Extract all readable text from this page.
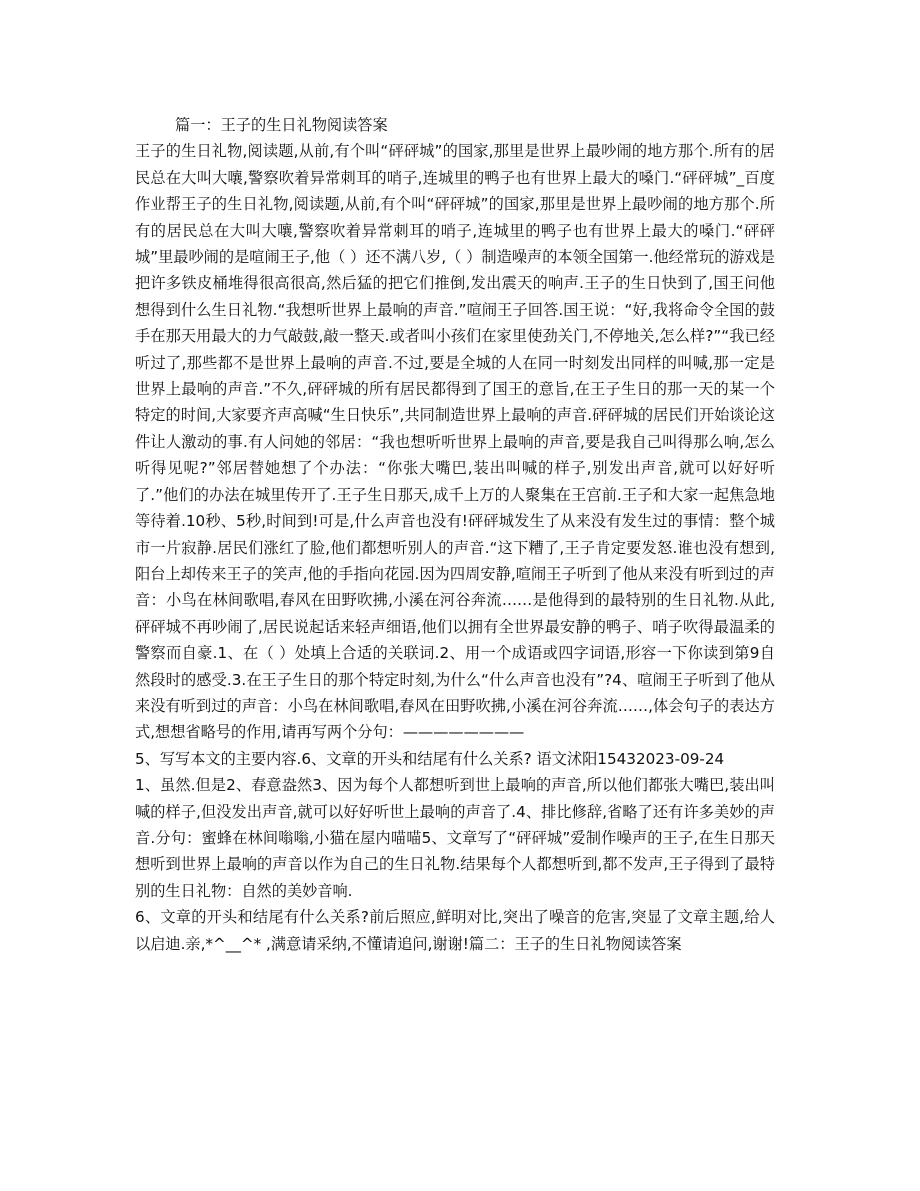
篇一：王子的生日礼物阅读答案

王子的生日礼物,阅读题,从前,有个叫“砰砰城”的国家,那里是世界上最吵闹的地方那个.所有的居民总在大叫大嚷,警察吹着异常刺耳的哨子,连城里的鸭子也有世界上最大的嗓门.“砰砰城”_百度作业帮王子的生日礼物,阅读题,从前,有个叫“砰砰城”的国家,那里是世界上最吵闹的地方那个.所有的居民总在大叫大嚷,警察吹着异常刺耳的哨子,连城里的鸭子也有世界上最大的嗓门.“砰砰城”里最吵闹的是喧闹王子,他（ ）还不满八岁,（ ）制造噪声的本领全国第一.他经常玩的游戏是把许多铁皮桶堆得很高很高,然后猛的把它们推倒,发出震天的响声.王子的生日快到了,国王问他想得到什么生日礼物.“我想听世界上最响的声音.”喧闹王子回答.国王说：“好,我将命令全国的鼓手在那天用最大的力气敲鼓,敲一整天.或者叫小孩们在家里使劲关门,不停地关,怎么样?”“我已经听过了,那些都不是世界上最响的声音.不过,要是全城的人在同一时刻发出同样的叫喊,那一定是世界上最响的声音.”不久,砰砰城的所有居民都得到了国王的意旨,在王子生日的那一天的某一个特定的时间,大家要齐声高喊“生日快乐”,共同制造世界上最响的声音.砰砰城的居民们开始谈论这件让人激动的事.有人问她的邻居：“我也想听听世界上最响的声音,要是我自己叫得那么响,怎么听得见呢?”邻居替她想了个办法：“你张大嘴巴,装出叫喊的样子,别发出声音,就可以好好听了.”他们的办法在城里传开了.王子生日那天,成千上万的人聚集在王宫前.王子和大家一起焦急地等待着.10秒、5秒,时间到!可是,什么声音也没有!砰砰城发生了从来没有发生过的事情：整个城市一片寂静.居民们涨红了脸,他们都想听别人的声音.“这下糟了,王子肯定要发怒.谁也没有想到,阳台上却传来王子的笑声,他的手指向花园.因为四周安静,喧闹王子听到了他从来没有听到过的声音：小鸟在林间歌唱,春风在田野吹拂,小溪在河谷奔流……是他得到的最特别的生日礼物.从此,砰砰城不再吵闹了,居民说起话来轻声细语,他们以拥有全世界最安静的鸭子、哨子吹得最温柔的警察而自豪.1、在（ ）处填上合适的关联词.2、用一个成语或四字词语,形容一下你读到第9自然段时的感受.3.在王子生日的那个特定时刻,为什么“什么声音也没有”?4、喧闹王子听到了他从来没有听到过的声音：小鸟在林间歌唱,春风在田野吹拂,小溪在河谷奔流……,体会句子的表达方式,想想省略号的作用,请再写两个分句：————————

5、写写本文的主要内容.6、文章的开头和结尾有什么关系? 语文沭阳15432023-09-24

1、虽然.但是2、春意盎然3、因为每个人都想听到世上最响的声音,所以他们都张大嘴巴,装出叫喊的样子,但没发出声音,就可以好好听世上最响的声音了.4、排比修辞,省略了还有许多美妙的声音.分句：蜜蜂在林间嗡嗡,小猫在屋内喵喵5、文章写了“砰砰城”爱制作噪声的王子,在生日那天想听到世界上最响的声音以作为自己的生日礼物.结果每个人都想听到,都不发声,王子得到了最特别的生日礼物：自然的美妙音响.

6、文章的开头和结尾有什么关系?前后照应,鲜明对比,突出了噪音的危害,突显了文章主题,给人以启迪.亲,*^__^* ,满意请采纳,不懂请追问,谢谢!篇二：王子的生日礼物阅读答案
